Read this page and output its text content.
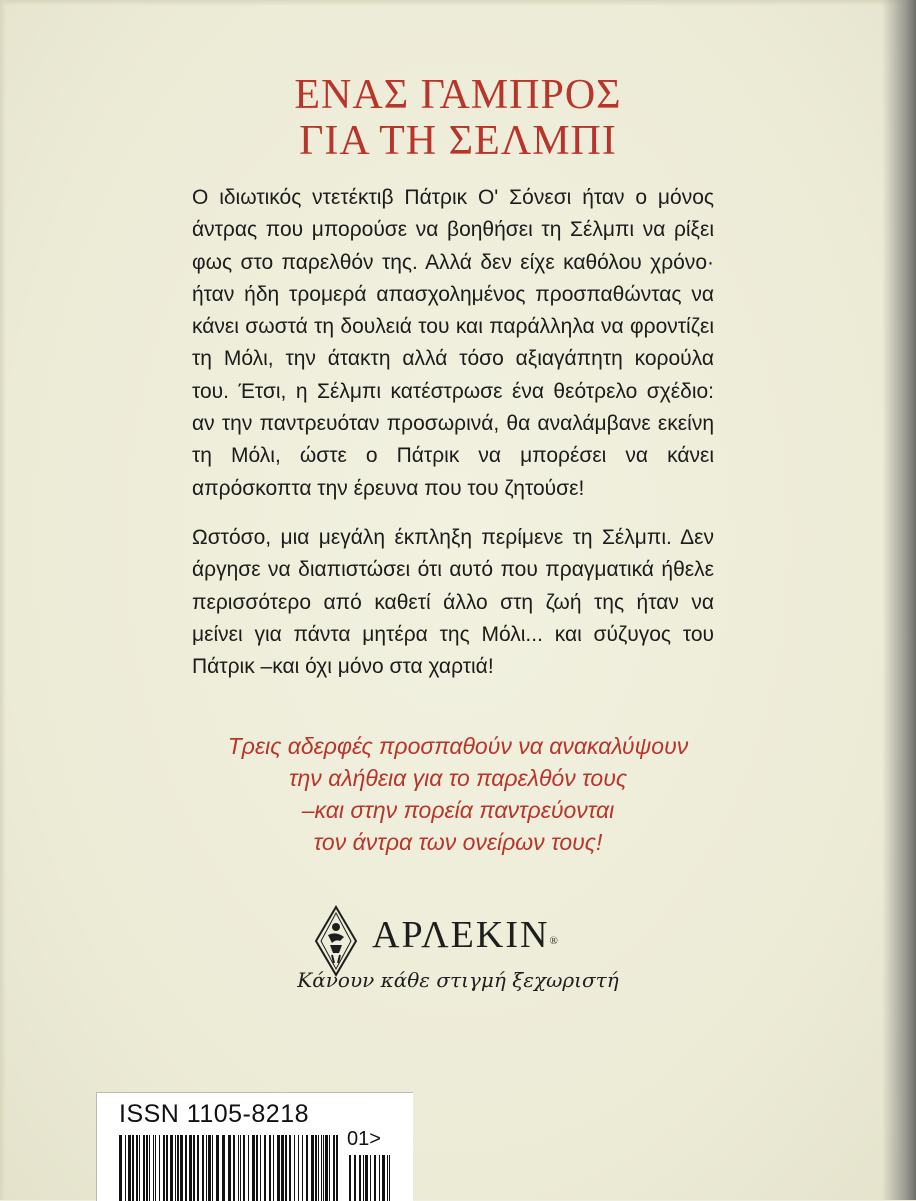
ΕΝΑΣ ΓΑΜΠΡΟΣ
ΓΙΑ ΤΗ ΣΕΛΜΠΙ

Ο ιδιωτικός ντετέκτιβ Πάτρικ Ο' Σόνεσι ήταν ο μόνος άντρας που μπορούσε να βοηθήσει τη Σέλμπι να ρίξει φως στο παρελθόν της. Αλλά δεν είχε καθόλου χρόνο· ήταν ήδη τρομερά απασχολημένος προσπαθώντας να κάνει σωστά τη δουλειά του και παράλληλα να φροντίζει τη Μόλι, την άτακτη αλλά τόσο αξιαγάπητη κορούλα του. Έτσι, η Σέλμπι κατέστρωσε ένα θεότρελο σχέδιο: αν την παντρευόταν προσωρινά, θα αναλάμβανε εκείνη τη Μόλι, ώστε ο Πάτρικ να μπορέσει να κάνει απρόσκοπτα την έρευνα που του ζητούσε!

Ωστόσο, μια μεγάλη έκπληξη περίμενε τη Σέλμπι. Δεν άργησε να διαπιστώσει ότι αυτό που πραγματικά ήθελε περισσότερο από καθετί άλλο στη ζωή της ήταν να μείνει για πάντα μητέρα της Μόλι... και σύζυγος του Πάτρικ –και όχι μόνο στα χαρτιά!

Τρεις αδερφές προσπαθούν να ανακαλύψουν
την αλήθεια για το παρελθόν τους
–και στην πορεία παντρεύονται
τον άντρα των ονείρων τους!
ΑΡΛΕΚΙΝ®
Κάνουν κάθε στιγμή ξεχωριστή
ISSN 1105-8218
01>
